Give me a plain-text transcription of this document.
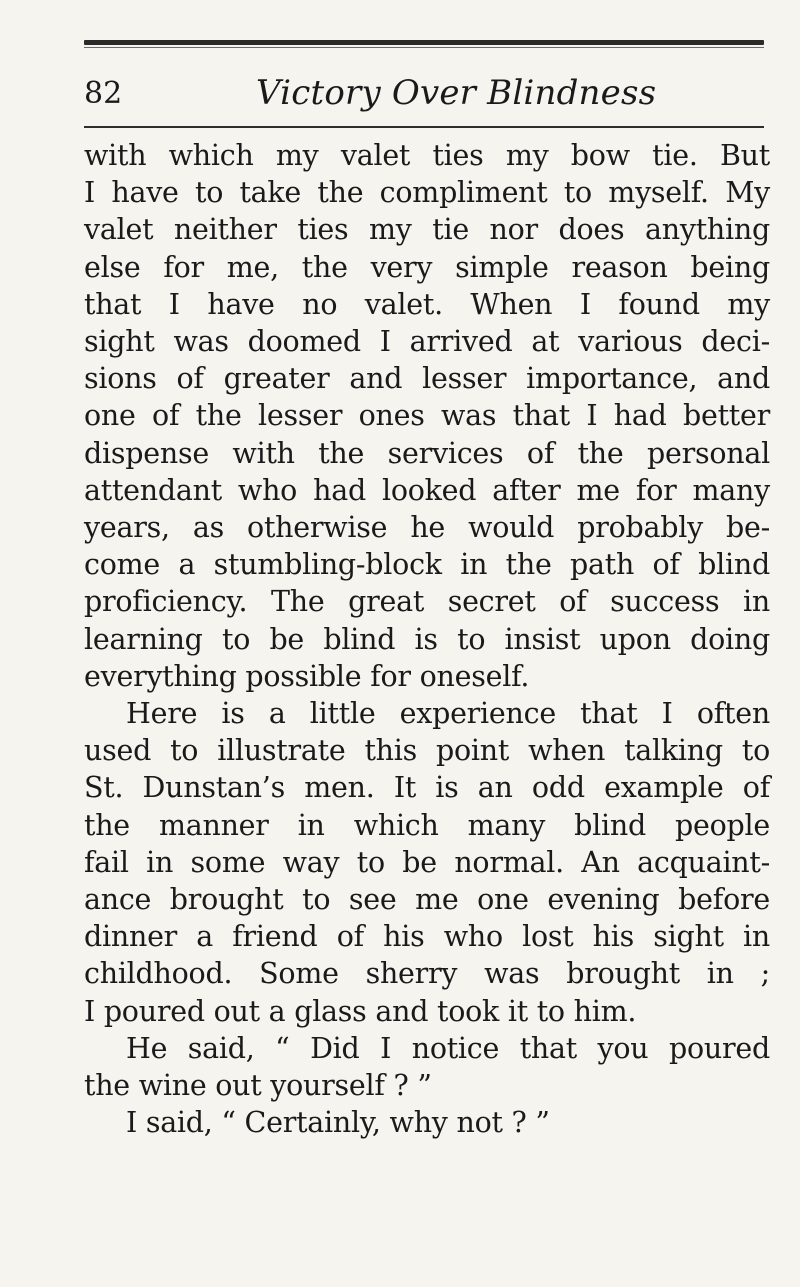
82	Victory Over Blindness
with which my valet ties my bow tie. But
I have to take the compliment to myself. My
valet neither ties my tie nor does anything
else for me, the very simple reason being
that I have no valet. When I found my
sight was doomed I arrived at various deci-
sions of greater and lesser importance, and
one of the lesser ones was that I had better
dispense with the services of the personal
attendant who had looked after me for many
years, as otherwise he would probably be-
come a stumbling-block in the path of blind
proficiency. The great secret of success in
learning to be blind is to insist upon doing
everything possible for oneself.
Here is a little experience that I often
used to illustrate this point when talking to
St. Dunstan’s men. It is an odd example of
the manner in which many blind people
fail in some way to be normal. An acquaint-
ance brought to see me one evening before
dinner a friend of his who lost his sight in
childhood. Some sherry was brought in ;
I poured out a glass and took it to him.
He said, “ Did I notice that you poured
the wine out yourself ? ”
I said, “ Certainly, why not ? ”
